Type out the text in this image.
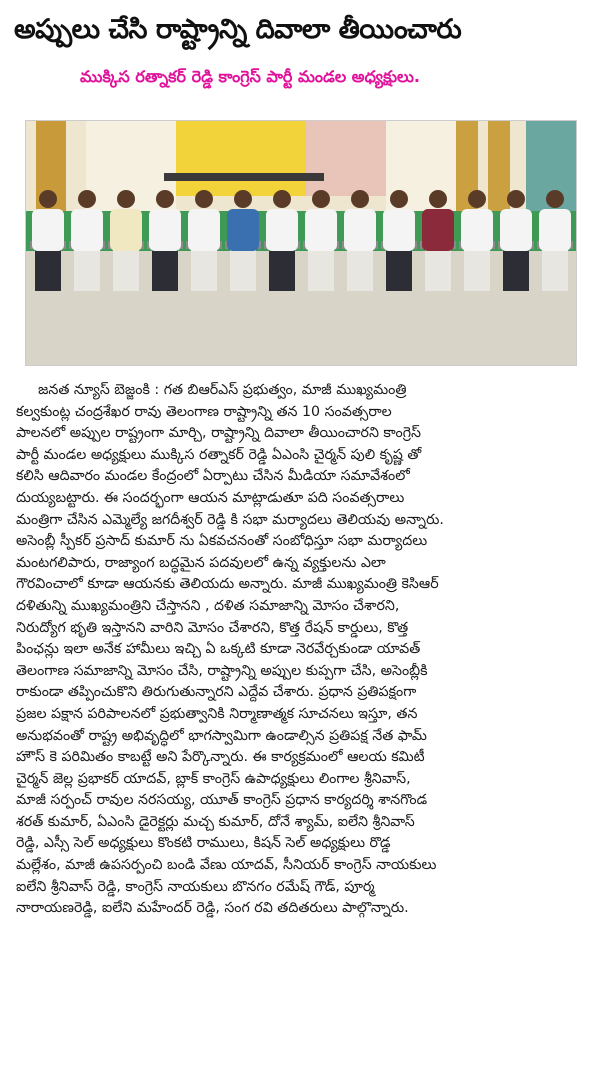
అప్పులు చేసి రాష్ట్రాన్ని దివాలా తీయించారు
ముక్కిస రత్నాకర్ రెడ్డి కాంగ్రెస్ పార్టీ మండల అధ్యక్షులు.
జనత న్యూస్ బెజ్జంకి : గత బిఆర్ఎస్ ప్రభుత్వం, మాజీ ముఖ్యమంత్రి
కల్వకుంట్ల చంద్రశేఖర రావు తెలంగాణ రాష్ట్రాన్ని తన 10 సంవత్సరాల
పాలనలో అప్పుల రాష్ట్రంగా మార్చి, రాష్ట్రాన్ని దివాలా తీయించారని కాంగ్రెస్
పార్టీ మండల అధ్యక్షులు ముక్కిస రత్నాకర్ రెడ్డి ఏఎంసి చైర్మన్ పులి కృష్ణ తో
కలిసి ఆదివారం మండల కేంద్రంలో ఏర్పాటు చేసిన మీడియా సమావేశంలో
దుయ్యబట్టారు. ఈ సందర్భంగా ఆయన మాట్లాడుతూ పది సంవత్సరాలు
మంత్రిగా చేసిన ఎమ్మెల్యే జగదీశ్వర్ రెడ్డి కి సభా మర్యాదలు తెలియవు అన్నారు.
అసెంబ్లీ స్పీకర్ ప్రసాద్ కుమార్ ను ఏకవచనంతో సంబోధిస్తూ సభా మర్యాదలు
మంటగలిపారు, రాజ్యాంగ బద్ధమైన పదవులలో ఉన్న వ్యక్తులను ఎలా
గౌరవించాలో కూడా ఆయనకు తెలియదు అన్నారు. మాజీ ముఖ్యమంత్రి కెసిఆర్
దళితున్ని ముఖ్యమంత్రిని చేస్తానని , దళిత సమాజాన్ని మోసం చేశారని,
నిరుద్యోగ భృతి ఇస్తానని వారిని మోసం చేశారని, కొత్త రేషన్ కార్డులు, కొత్త
పింఛన్లు ఇలా అనేక హామీలు ఇచ్చి ఏ ఒక్కటి కూడా నెరవేర్చకుండా యావత్
తెలంగాణ సమాజాన్ని మోసం చేసి, రాష్ట్రాన్ని అప్పుల కుప్పగా చేసి, అసెంబ్లీకి
రాకుండా తప్పించుకొని తిరుగుతున్నారని ఎద్దేవ చేశారు. ప్రధాన ప్రతిపక్షంగా
ప్రజల పక్షాన పరిపాలనలో ప్రభుత్వానికి నిర్మాణాత్మక సూచనలు ఇస్తూ, తన
అనుభవంతో రాష్ట్ర అభివృద్ధిలో భాగస్వామిగా ఉండాల్సిన ప్రతిపక్ష నేత ఫామ్
హౌస్ కె పరిమితం కాబట్టే అని పేర్కొన్నారు. ఈ కార్యక్రమంలో ఆలయ కమిటీ
చైర్మన్ జెల్ల ప్రభాకర్ యాదవ్, బ్లాక్ కాంగ్రెస్ ఉపాధ్యక్షులు లింగాల శ్రీనివాస్,
మాజీ సర్పంచ్ రావుల నరసయ్య, యూత్ కాంగ్రెస్ ప్రధాన కార్యదర్శి శానగొండ
శరత్ కుమార్, ఏఎంసి డైరెక్టర్లు మచ్చ కుమార్, దోనే శ్యామ్, ఐలేని శ్రీనివాస్
రెడ్డి, ఎస్సీ సెల్ అధ్యక్షులు కొంకటి రాములు, కిషన్ సెల్ అధ్యక్షులు రొడ్డ
మల్లేశం, మాజీ ఉపసర్పంచి బండి వేణు యాదవ్, సీనియర్ కాంగ్రెస్ నాయకులు
ఐలేని శ్రీనివాస్ రెడ్డి, కాంగ్రెస్ నాయకులు బొనగం రమేష్ గౌడ్, పూర్మ
నారాయణరెడ్డి, ఐలేని మహేందర్ రెడ్డి, సంగ రవి తదితరులు పాల్గొన్నారు.
